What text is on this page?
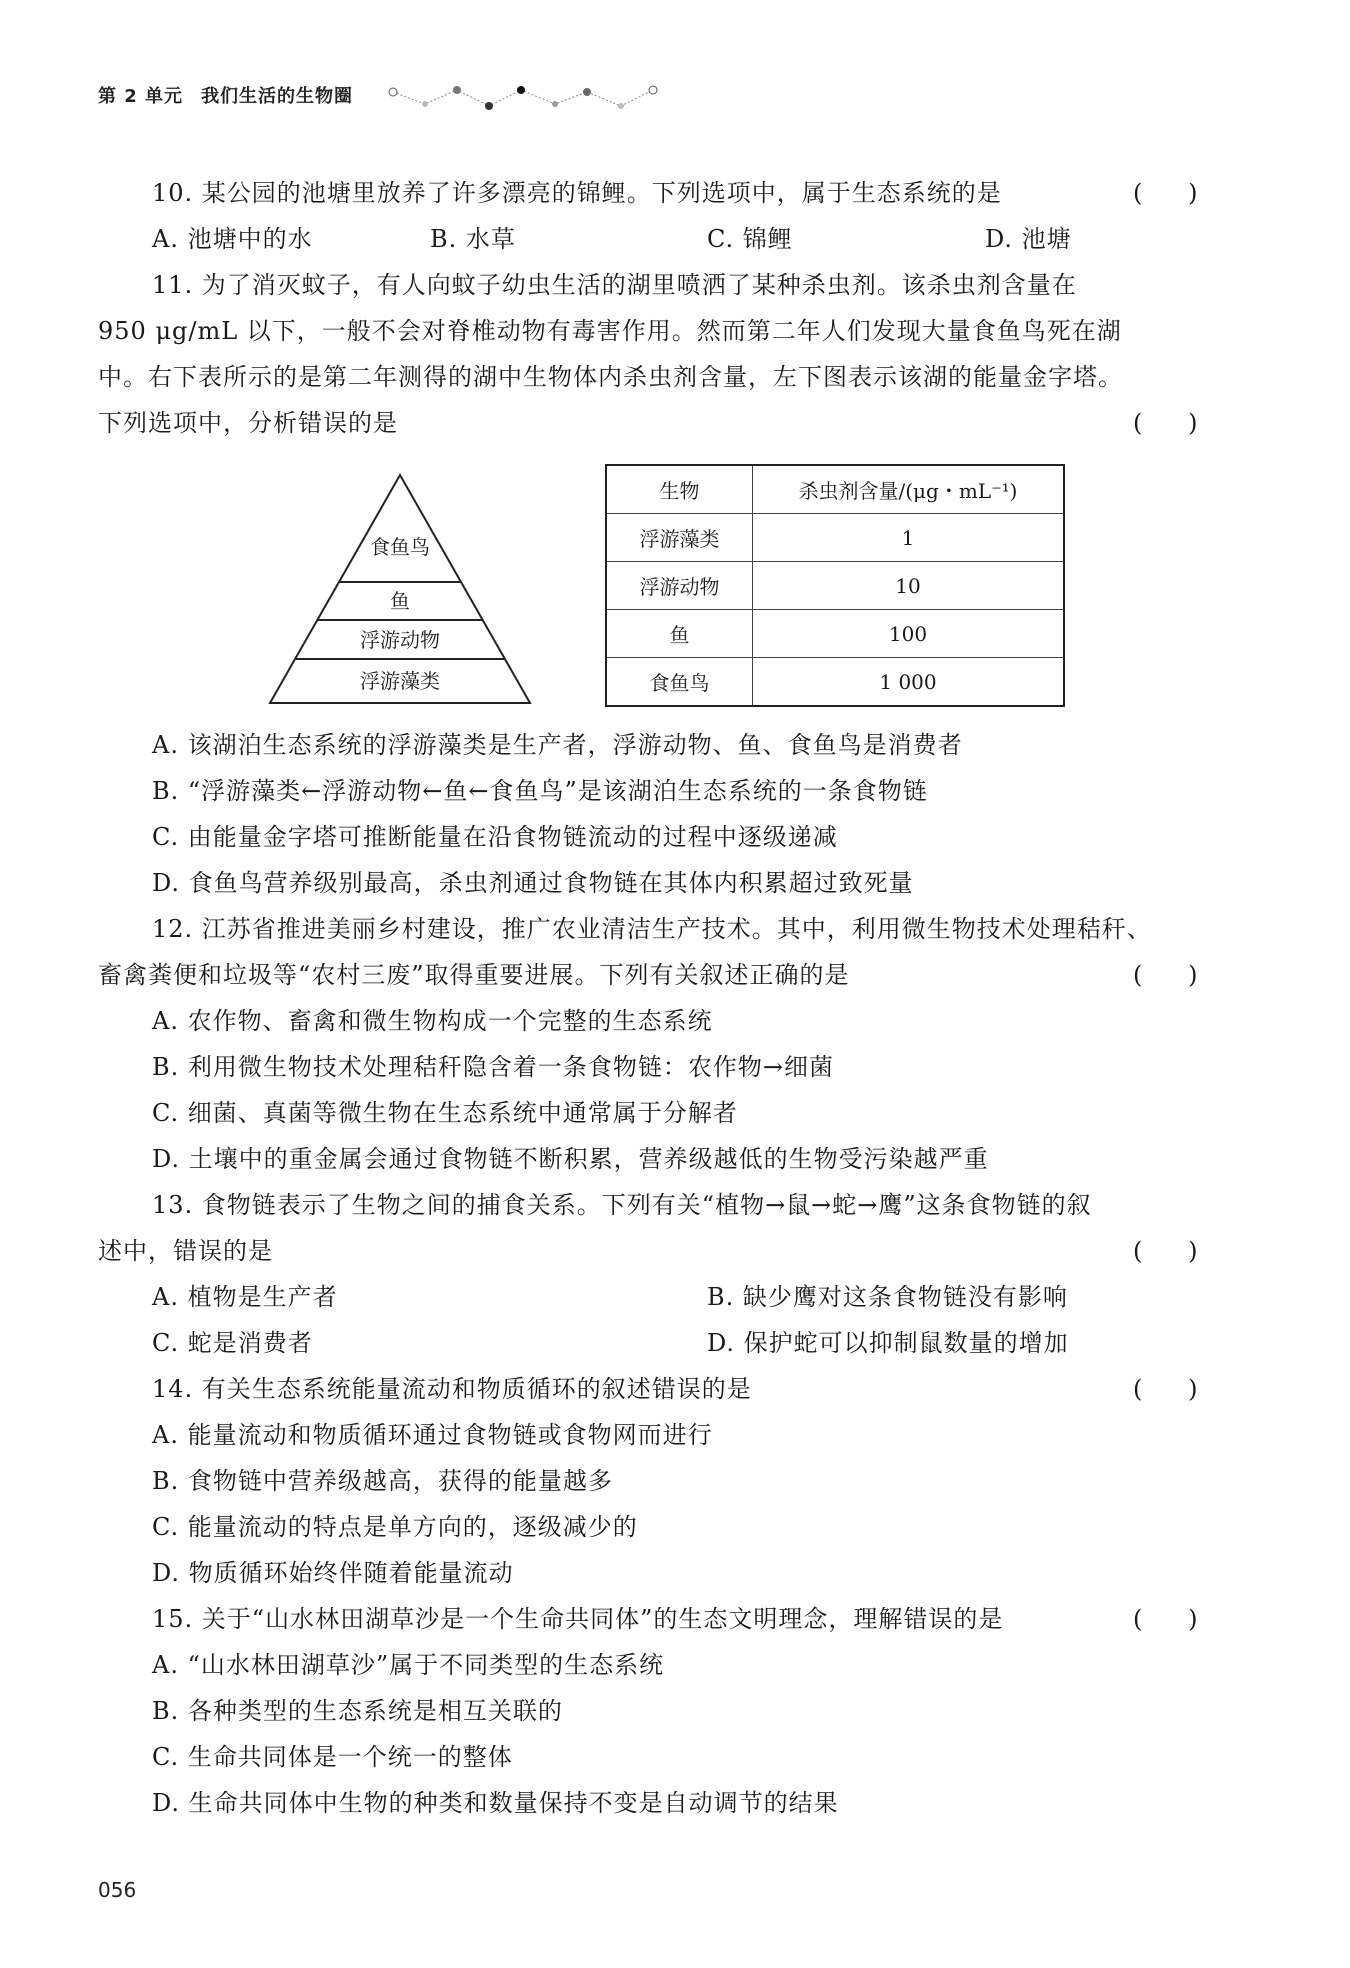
第 2 单元 我们生活的生物圈
10. 某公园的池塘里放养了许多漂亮的锦鲤。下列选项中，属于生态系统的是	(      )
A. 池塘中的水	B. 水草	C. 锦鲤	D. 池塘
11. 为了消灭蚊子，有人向蚊子幼虫生活的湖里喷洒了某种杀虫剂。该杀虫剂含量在
950 μg/mL 以下，一般不会对脊椎动物有毒害作用。然而第二年人们发现大量食鱼鸟死在湖
中。右下表所示的是第二年测得的湖中生物体内杀虫剂含量，左下图表示该湖的能量金字塔。
下列选项中，分析错误的是	(      )
食鱼鸟
鱼
浮游动物
浮游藻类
生物	杀虫剂含量/(μg・mL⁻¹)
浮游藻类	1
浮游动物	10
鱼	100
食鱼鸟	1 000
A. 该湖泊生态系统的浮游藻类是生产者，浮游动物、鱼、食鱼鸟是消费者
B. “浮游藻类←浮游动物←鱼←食鱼鸟”是该湖泊生态系统的一条食物链
C. 由能量金字塔可推断能量在沿食物链流动的过程中逐级递减
D. 食鱼鸟营养级别最高，杀虫剂通过食物链在其体内积累超过致死量
12. 江苏省推进美丽乡村建设，推广农业清洁生产技术。其中，利用微生物技术处理秸秆、
畜禽粪便和垃圾等“农村三废”取得重要进展。下列有关叙述正确的是	(      )
A. 农作物、畜禽和微生物构成一个完整的生态系统
B. 利用微生物技术处理秸秆隐含着一条食物链：农作物→细菌
C. 细菌、真菌等微生物在生态系统中通常属于分解者
D. 土壤中的重金属会通过食物链不断积累，营养级越低的生物受污染越严重
13. 食物链表示了生物之间的捕食关系。下列有关“植物→鼠→蛇→鹰”这条食物链的叙
述中，错误的是	(      )
A. 植物是生产者	B. 缺少鹰对这条食物链没有影响
C. 蛇是消费者	D. 保护蛇可以抑制鼠数量的增加
14. 有关生态系统能量流动和物质循环的叙述错误的是	(      )
A. 能量流动和物质循环通过食物链或食物网而进行
B. 食物链中营养级越高，获得的能量越多
C. 能量流动的特点是单方向的，逐级减少的
D. 物质循环始终伴随着能量流动
15. 关于“山水林田湖草沙是一个生命共同体”的生态文明理念，理解错误的是	(      )
A. “山水林田湖草沙”属于不同类型的生态系统
B. 各种类型的生态系统是相互关联的
C. 生命共同体是一个统一的整体
D. 生命共同体中生物的种类和数量保持不变是自动调节的结果
056
